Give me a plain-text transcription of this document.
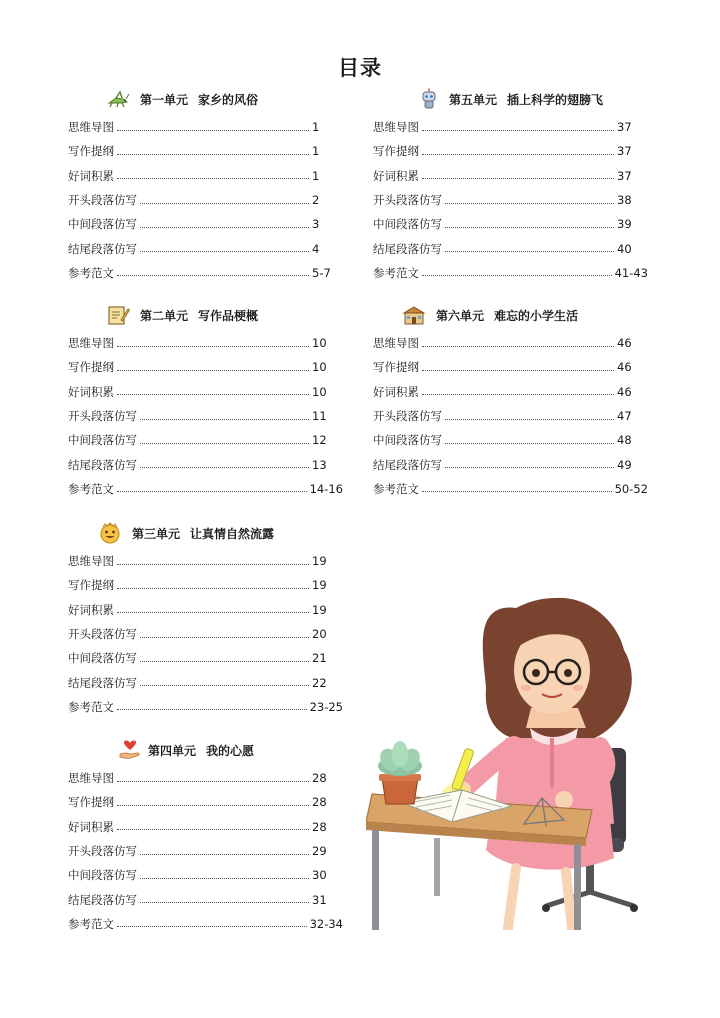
目录
第一单元 家乡的风俗
思维导图	1
写作提纲	1
好词积累	1
开头段落仿写	2
中间段落仿写	3
结尾段落仿写	4
参考范文	5-7
第二单元 写作品梗概
思维导图	10
写作提纲	10
好词积累	10
开头段落仿写	11
中间段落仿写	12
结尾段落仿写	13
参考范文	14-16
第三单元 让真情自然流露
思维导图	19
写作提纲	19
好词积累	19
开头段落仿写	20
中间段落仿写	21
结尾段落仿写	22
参考范文	23-25
第四单元 我的心愿
思维导图	28
写作提纲	28
好词积累	28
开头段落仿写	29
中间段落仿写	30
结尾段落仿写	31
参考范文	32-34
第五单元 插上科学的翅膀飞
思维导图	37
写作提纲	37
好词积累	37
开头段落仿写	38
中间段落仿写	39
结尾段落仿写	40
参考范文	41-43
第六单元 难忘的小学生活
思维导图	46
写作提纲	46
好词积累	46
开头段落仿写	47
中间段落仿写	48
结尾段落仿写	49
参考范文	50-52
